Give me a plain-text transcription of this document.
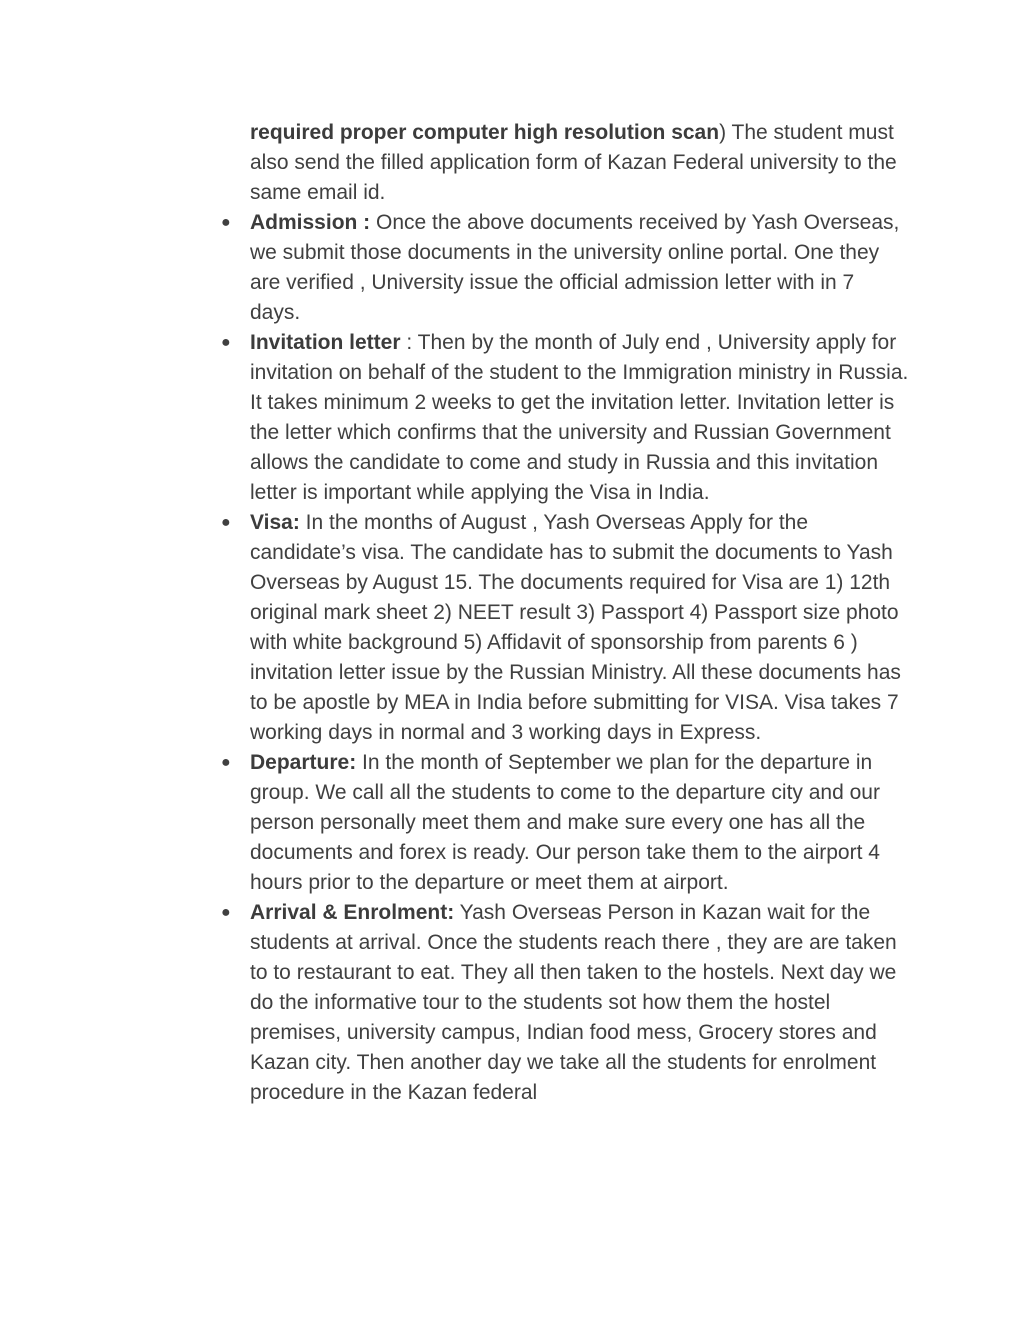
required proper computer high resolution scan) The student must also send the filled application form of Kazan Federal university to the same email id.

● Admission : Once the above documents received by Yash Overseas, we submit those documents in the university online portal. One they are verified , University issue the official admission letter with in 7 days.

● Invitation letter : Then by the month of July end , University apply for invitation on behalf of the student to the Immigration ministry in Russia. It takes minimum 2 weeks to get the invitation letter. Invitation letter is the letter which confirms that the university and Russian Government allows the candidate to come and study in Russia and this invitation letter is important while applying the Visa in India.

● Visa: In the months of August , Yash Overseas Apply for the candidate’s visa. The candidate has to submit the documents to Yash Overseas by August 15. The documents required for Visa are 1) 12th original mark sheet 2) NEET result 3) Passport 4) Passport size photo with white background 5) Affidavit of sponsorship from parents 6 ) invitation letter issue by the Russian Ministry. All these documents has to be apostle by MEA in India before submitting for VISA. Visa takes 7 working days in normal and 3 working days in Express.

● Departure: In the month of September we plan for the departure in group. We call all the students to come to the departure city and our person personally meet them and make sure every one has all the documents and forex is ready. Our person take them to the airport 4 hours prior to the departure or meet them at airport.

● Arrival & Enrolment: Yash Overseas Person in Kazan wait for the students at arrival. Once the students reach there , they are are taken to to restaurant to eat. They all then taken to the hostels. Next day we do the informative tour to the students sot how them the hostel premises, university campus, Indian food mess, Grocery stores and Kazan city. Then another day we take all the students for enrolment procedure in the Kazan federal
